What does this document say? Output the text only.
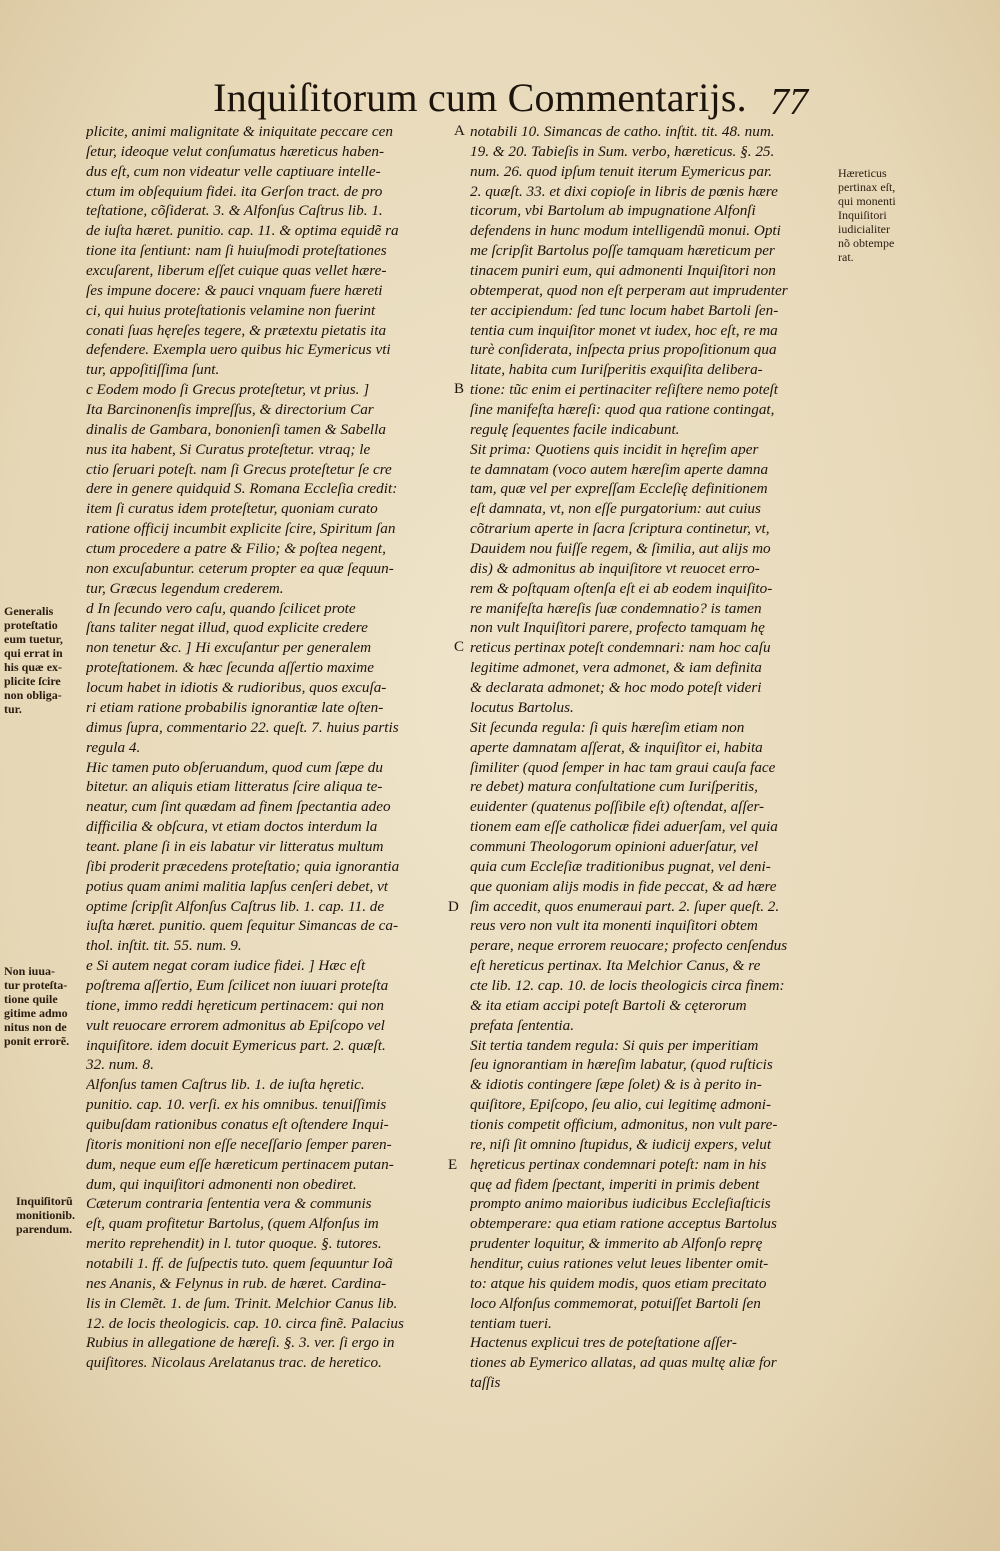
Inquiſitorum cum Commentarijs. 77
plicite, animi malignitate & iniquitate peccare cen
ſetur, ideoque velut conſumatus hæreticus haben-
dus eſt, cum non videatur velle captiuare intelle-
ctum im obſequium fidei. ita Gerſon tract. de pro
teſtatione, cõſiderat. 3. & Alfonſus Caſtrus lib. 1.
de iuſta hæret. punitio. cap. 11. & optima equidẽ ra
tione ita ſentiunt: nam ſi huiuſmodi proteſtationes
excuſarent, liberum eſſet cuique quas vellet hære-
ſes impune docere: & pauci vnquam fuere hæreti
ci, qui huius proteſtationis velamine non fuerint
conati ſuas hęreſes tegere, & prætextu pietatis ita
defendere. Exempla uero quibus hic Eymericus vti
tur, appoſitiſſima ſunt.
c Eodem modo ſi Grecus proteſtetur, vt prius. ]
Ita Barcinonenſis impreſſus, & directorium Car
dinalis de Gambara, bononienſi tamen & Sabella
nus ita habent, Si Curatus proteſtetur. vtraq; le
ctio ſeruari poteſt. nam ſi Grecus proteſtetur ſe cre
dere in genere quidquid S. Romana Eccleſia credit:
item ſi curatus idem proteſtetur, quoniam curato
ratione officij incumbit explicite ſcire, Spiritum ſan
ctum procedere a patre & Filio; & poſtea negent,
non excuſabuntur. ceterum propter ea quæ ſequun-
tur, Græcus legendum crederem.
d In ſecundo vero caſu, quando ſcilicet prote
ſtans taliter negat illud, quod explicite credere
non tenetur &c. ] Hi excuſantur per generalem
proteſtationem. & hæc ſecunda aſſertio maxime
locum habet in idiotis & rudioribus, quos excuſa-
ri etiam ratione probabilis ignorantiæ late oſten-
dimus ſupra, commentario 22. queſt. 7. huius partis
regula 4.
Hic tamen puto obſeruandum, quod cum ſæpe du
bitetur. an aliquis etiam litteratus ſcire aliqua te-
neatur, cum ſint quædam ad finem ſpectantia adeo
difficilia & obſcura, vt etiam doctos interdum la
teant. plane ſi in eis labatur vir litteratus multum
ſibi proderit præcedens proteſtatio; quia ignorantia
potius quam animi malitia lapſus cenſeri debet, vt
optime ſcripſit Alfonſus Caſtrus lib. 1. cap. 11. de
iuſta hæret. punitio. quem ſequitur Simancas de ca-
thol. inſtit. tit. 55. num. 9.
e Si autem negat coram iudice fidei. ] Hæc eſt
poſtrema aſſertio, Eum ſcilicet non iuuari proteſta
tione, immo reddi hęreticum pertinacem: qui non
vult reuocare errorem admonitus ab Epiſcopo vel
inquiſitore. idem docuit Eymericus part. 2. quæſt.
32. num. 8.
Alfonſus tamen Caſtrus lib. 1. de iuſta hęretic.
punitio. cap. 10. verſi. ex his omnibus. tenuiſſimis
quibuſdam rationibus conatus eſt oſtendere Inqui-
ſitoris monitioni non eſſe neceſſario ſemper paren-
dum, neque eum eſſe hæreticum pertinacem putan-
dum, qui inquiſitori admonenti non obediret.
Cæterum contraria ſententia vera & communis
eſt, quam profitetur Bartolus, (quem Alfonſus im
merito reprehendit) in l. tutor quoque. §. tutores.
notabili 1. ff. de ſuſpectis tuto. quem ſequuntur Ioã
nes Ananis, & Felynus in rub. de hæret. Cardina-
lis in Clemẽt. 1. de ſum. Trinit. Melchior Canus lib.
12. de locis theologicis. cap. 10. circa finẽ. Palacius
Rubius in allegatione de hæreſi. §. 3. ver. ſi ergo in
quiſitores. Nicolaus Arelatanus trac. de heretico.
notabili 10. Simancas de catho. inſtit. tit. 48. num.
19. & 20. Tabieſis in Sum. verbo, hæreticus. §. 25.
num. 26. quod ipſum tenuit iterum Eymericus par.
2. quæſt. 33. et dixi copioſe in libris de pœnis hære
ticorum, vbi Bartolum ab impugnatione Alfonſi
defendens in hunc modum intelligendũ monui. Opti
me ſcripſit Bartolus poſſe tamquam hæreticum per
tinacem puniri eum, qui admonenti Inquiſitori non
obtemperat, quod non eſt perperam aut imprudenter
ter accipiendum: ſed tunc locum habet Bartoli ſen-
tentia cum inquiſitor monet vt iudex, hoc eſt, re ma
turè conſiderata, inſpecta prius propoſitionum qua
litate, habita cum Iuriſperitis exquiſita delibera-
tione: tũc enim ei pertinaciter reſiſtere nemo poteſt
ſine manifeſta hæreſi: quod qua ratione contingat,
regulę ſequentes facile indicabunt.
Sit prima: Quotiens quis incidit in hęreſim aper
te damnatam (voco autem hæreſim aperte damna
tam, quæ vel per expreſſam Eccleſię definitionem
eſt damnata, vt, non eſſe purgatorium: aut cuius
cõtrarium aperte in ſacra ſcriptura continetur, vt,
Dauidem nou fuiſſe regem, & ſimilia, aut alijs mo
dis) & admonitus ab inquiſitore vt reuocet erro-
rem & poſtquam oſtenſa eſt ei ab eodem inquiſito-
re manifeſta hæreſis ſuæ condemnatio? is tamen
non vult Inquiſitori parere, profecto tamquam hę
reticus pertinax poteſt condemnari: nam hoc caſu
legitime admonet, vera admonet, & iam definita
& declarata admonet; & hoc modo poteſt videri
locutus Bartolus.
Sit ſecunda regula: ſi quis hæreſim etiam non
aperte damnatam aſſerat, & inquiſitor ei, habita
ſimiliter (quod ſemper in hac tam graui cauſa face
re debet) matura conſultatione cum Iuriſperitis,
euidenter (quatenus poſſibile eſt) oſtendat, aſſer-
tionem eam eſſe catholicæ fidei aduerſam, vel quia
communi Theologorum opinioni aduerſatur, vel
quia cum Eccleſiæ traditionibus pugnat, vel deni-
que quoniam alijs modis in fide peccat, & ad hære
ſim accedit, quos enumeraui part. 2. ſuper queſt. 2.
reus vero non vult ita monenti inquiſitori obtem
perare, neque errorem reuocare; profecto cenſendus
eſt hereticus pertinax. Ita Melchior Canus, & re
cte lib. 12. cap. 10. de locis theologicis circa finem:
& ita etiam accipi poteſt Bartoli & cęterorum
prefata ſententia.
Sit tertia tandem regula: Si quis per imperitiam
ſeu ignorantiam in hæreſim labatur, (quod ruſticis
& idiotis contingere ſæpe ſolet) & is à perito in-
quiſitore, Epiſcopo, ſeu alio, cui legitimę admoni-
tionis competit officium, admonitus, non vult pare-
re, niſi ſit omnino ſtupidus, & iudicij expers, velut
hęreticus pertinax condemnari poteſt: nam in his
quę ad fidem ſpectant, imperiti in primis debent
prompto animo maioribus iudicibus Eccleſiaſticis
obtemperare: qua etiam ratione acceptus Bartolus
prudenter loquitur, & immerito ab Alfonſo reprę
henditur, cuius rationes velut leues libenter omit-
to: atque his quidem modis, quos etiam precitato
loco Alfonſus commemorat, potuiſſet Bartoli ſen
tentiam tueri.
Hactenus explicui tres de poteſtatione aſſer-
tiones ab Eymerico allatas, ad quas multę aliæ for
taſſis
A
B
C
D
E
Generalis
proteſtatio
eum tuetur,
qui errat in
his quæ ex-
plicite ſcire
non obliga-
tur.
Non iuua-
tur proteſta-
tione quile
gitime admo
nitus non de
ponit errorẽ.
Inquiſitorũ
monitionib.
parendum.
Hæreticus
pertinax eſt,
qui monenti
Inquiſitori
iudicialiter
nõ obtempe
rat.
